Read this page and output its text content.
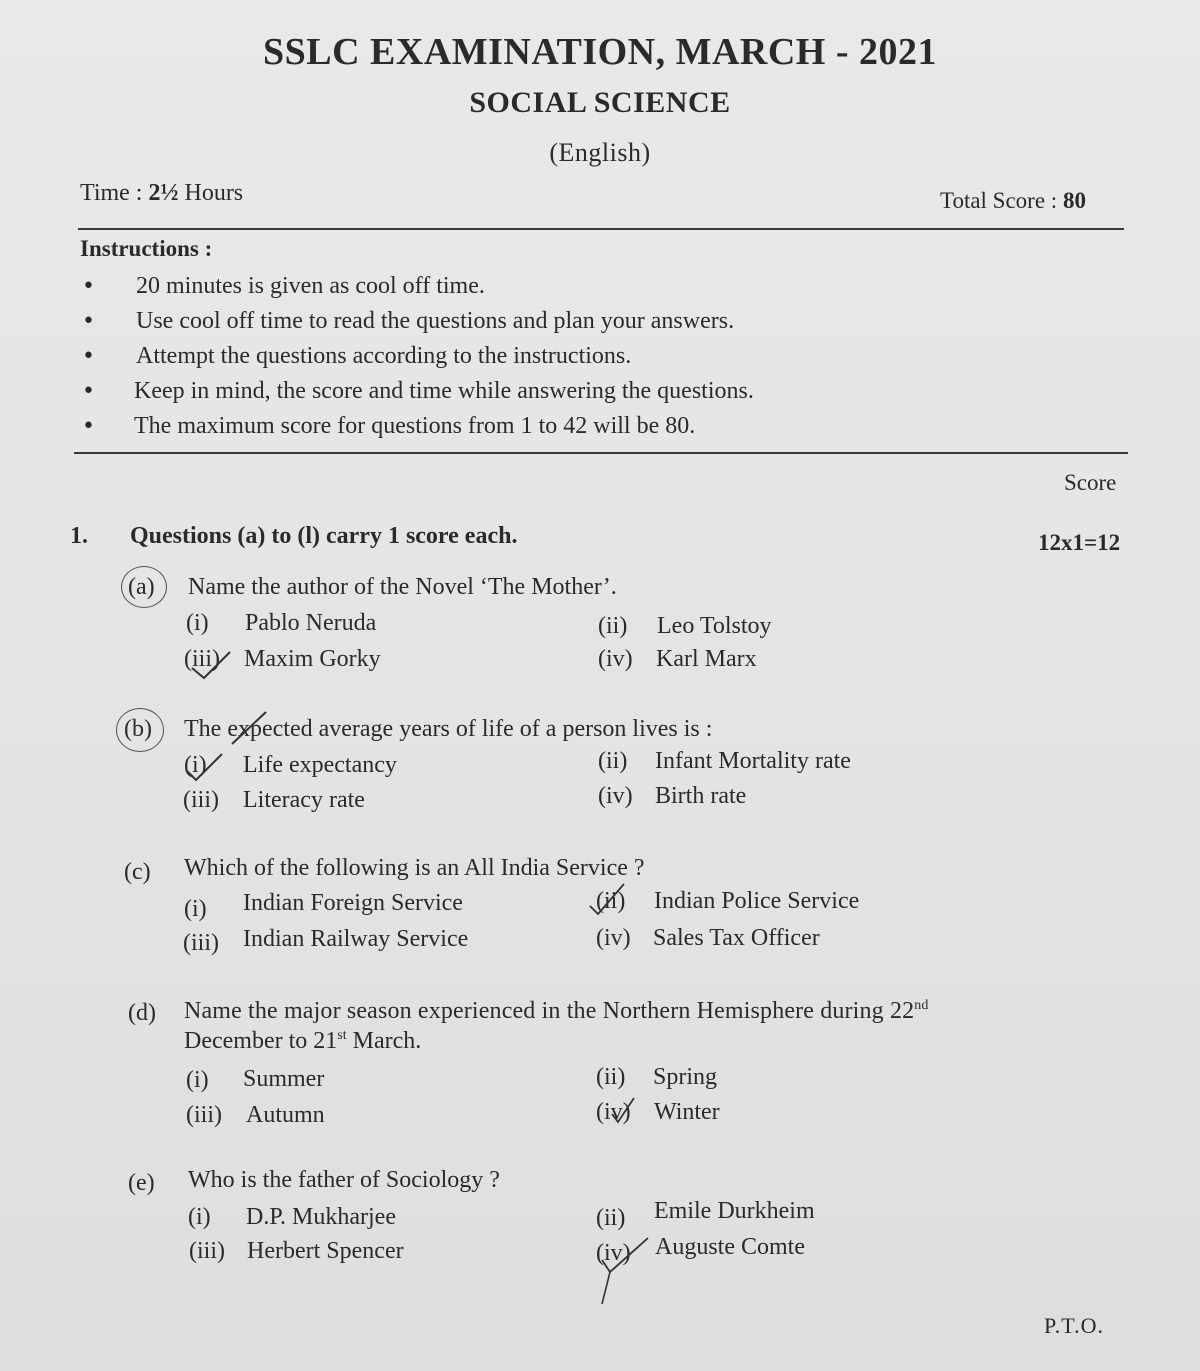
SSLC EXAMINATION, MARCH - 2021
SOCIAL SCIENCE
(English)
Time : 2½ Hours	Total Score : 80
Instructions :
• 20 minutes is given as cool off time.
• Use cool off time to read the questions and plan your answers.
• Attempt the questions according to the instructions.
• Keep in mind, the score and time while answering the questions.
• The maximum score for questions from 1 to 42 will be 80.
Score
1. Questions (a) to (l) carry 1 score each.	12x1=12
(a) Name the author of the Novel ‘The Mother’.
(i) Pablo Neruda	(ii) Leo Tolstoy
(iii) Maxim Gorky	(iv) Karl Marx
(b) The expected average years of life of a person lives is :
(i) Life expectancy	(ii) Infant Mortality rate
(iii) Literacy rate	(iv) Birth rate
(c) Which of the following is an All India Service ?
(i) Indian Foreign Service	(ii) Indian Police Service
(iii) Indian Railway Service	(iv) Sales Tax Officer
(d) Name the major season experienced in the Northern Hemisphere during 22nd
December to 21st March.
(i) Summer	(ii) Spring
(iii) Autumn	(iv) Winter
(e) Who is the father of Sociology ?
(i) D.P. Mukharjee	(ii) Emile Durkheim
(iii) Herbert Spencer	(iv) Auguste Comte
P.T.O.
